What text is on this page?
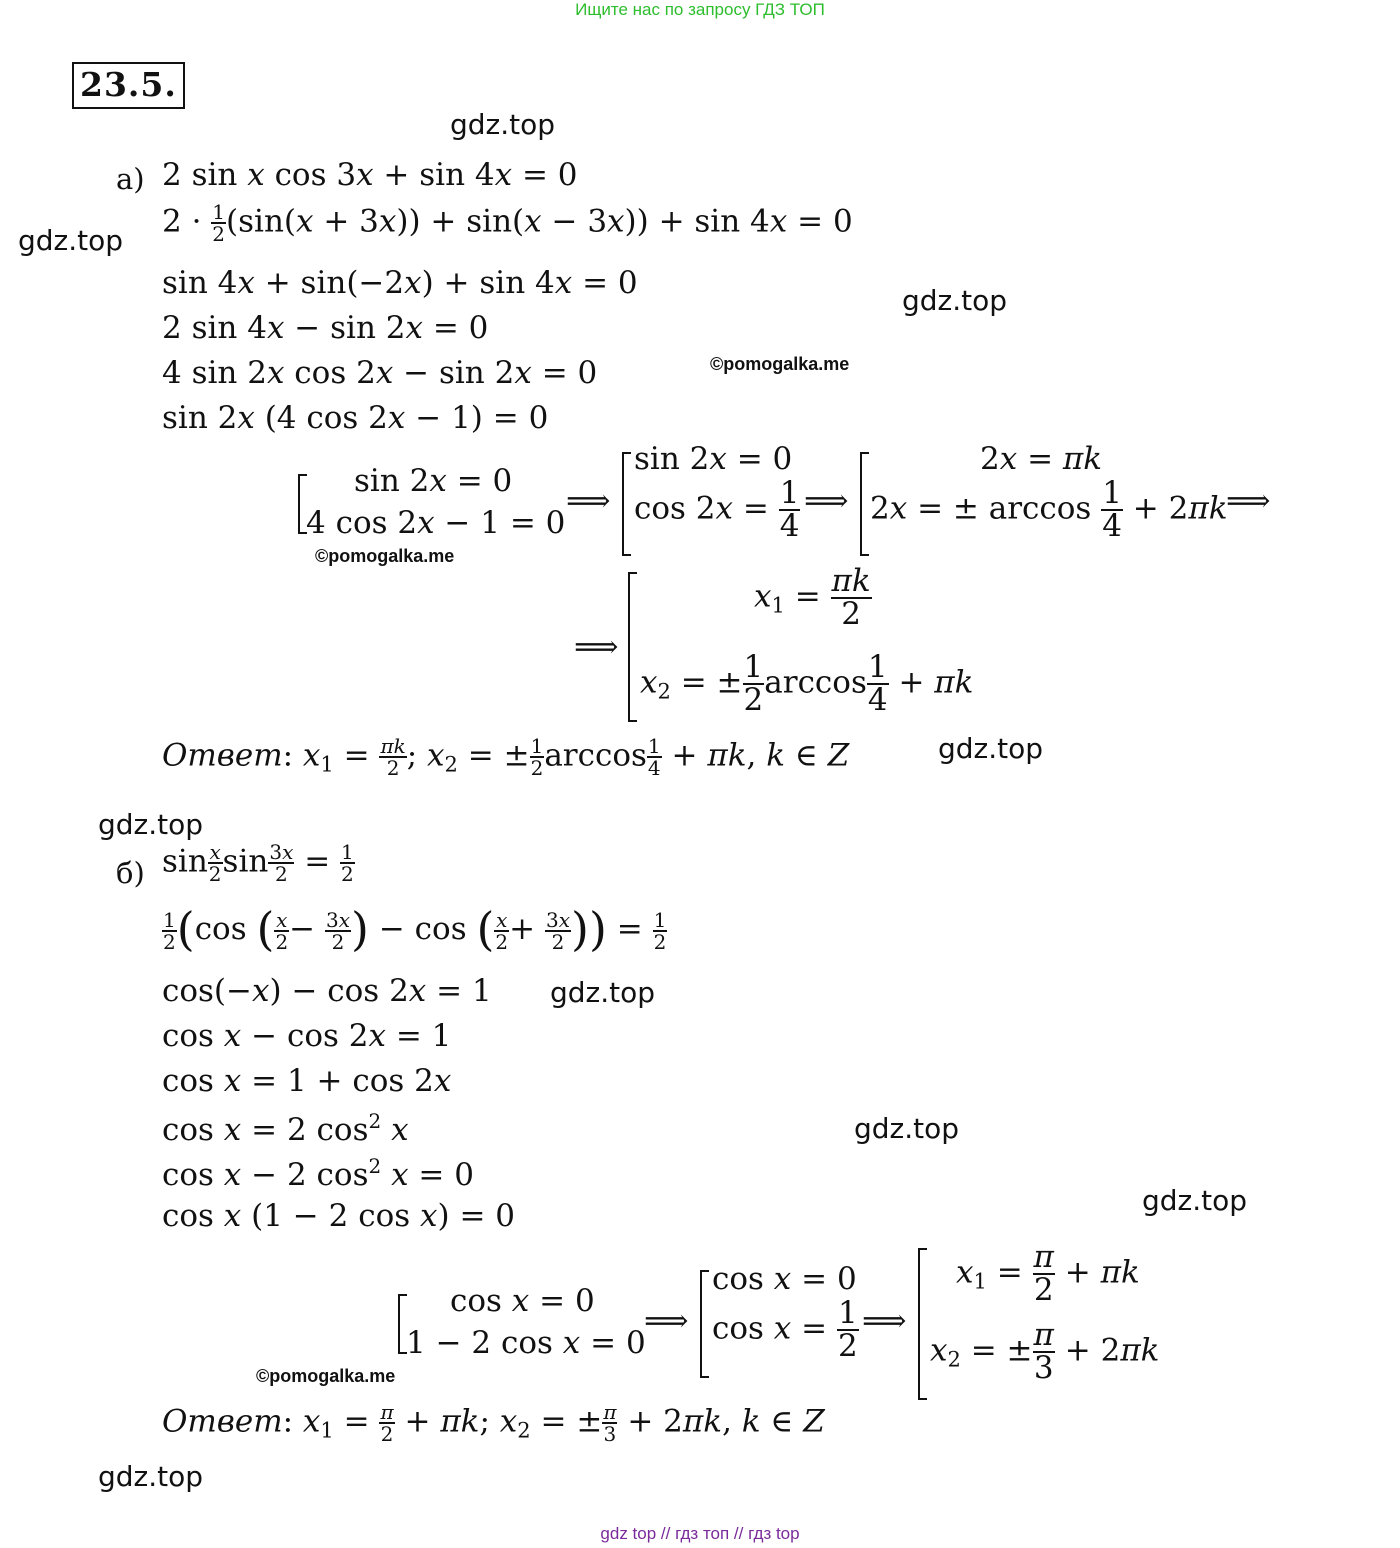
Ищите нас по запросу ГДЗ ТОП
23.5.
gdz.top
gdz.top
gdz.top
gdz.top
gdz.top
gdz.top
gdz.top
gdz.top
gdz.top
©pomogalka.me
©pomogalka.me
©pomogalka.me
а) 2 sin x cos 3x + sin 4x = 0
$2 \cdot \frac{1}{2} (\sin(x + 3x)) + \sin(x - 3x)) + \sin 4x = 0$
sin 4x + sin(−2x) + sin 4x = 0
2 sin 4x − sin 2x = 0
4 sin 2x cos 2x − sin 2x = 0
sin 2x (4 cos 2x − 1) = 0
sin 2x = 0
4 cos 2x − 1 = 0
⟹
sin 2x = 0
$\cos 2x = \frac{1}{4}$ ⟹
2x = πk
2x = ± $\arccos \frac{1}{4} + 2\pi k$
⟹
⟹
$x_1 = \frac{\pi k}{2}$
$x_2$ = ± $\frac{1}{2}$ $\arccos \frac{1}{4} + \pi k$
Ответ: $x_1 = \frac{\pi k}{2}$ ; $x_2$ = ± $\frac{1}{2}$ $\arccos \frac{1}{4} + \pi k$, k ∈ Z
б) $\sin \frac{x}{2}$ $\sin \frac{3x}{2} = \frac{1}{2}$
$\frac{1}{2} (\cos$ ( $\frac{x}{2} - \frac{3x}{2}$ ) − cos ( $\frac{x}{2} + \frac{3x}{2}$ )) = $\frac{1}{2}$
cos(−x) − cos 2x = 1
cos x − cos 2x = 1
cos x = 1 + cos 2x
cos x = 2 $\cos^2 x$
cos x − 2 $\cos^2 x = 0$
cos x (1 − 2 cos x) = 0
cos x = 0
1 − 2 cos x = 0
⟹
cos x = 0
$\cos x = \frac{1}{2}$ ⟹
$x_1 = \frac{\pi}{2} + \pi k$
$x_2$ = ± $\frac{\pi}{3} + 2\pi k$
Ответ: $x_1 = \frac{\pi}{2} + \pi k$; $x_2$ = ± $\frac{\pi}{3} + 2\pi k$, k ∈ Z
gdz top // гдз топ // гдз top
